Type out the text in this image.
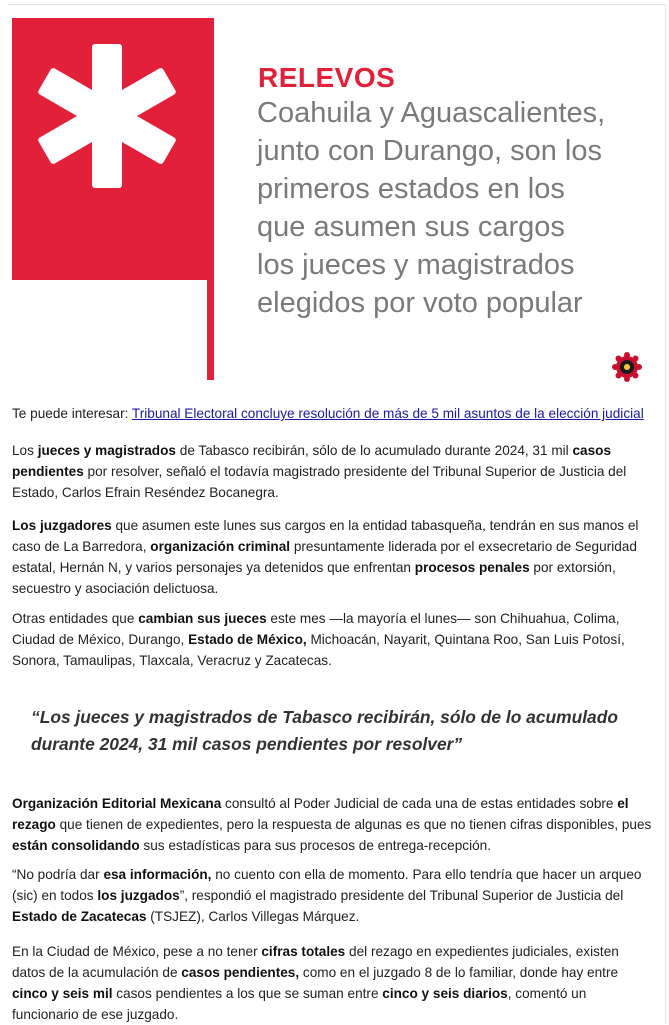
RELEVOS
Coahuila y Aguascalientes,
junto con Durango, son los
primeros estados en los
que asumen sus cargos
los jueces y magistrados
elegidos por voto popular

Te puede interesar: Tribunal Electoral concluye resolución de más de 5 mil asuntos de la elección judicial

Los jueces y magistrados de Tabasco recibirán, sólo de lo acumulado durante 2024, 31 mil casos pendientes por resolver, señaló el todavía magistrado presidente del Tribunal Superior de Justicia del Estado, Carlos Efrain Reséndez Bocanegra.

Los juzgadores que asumen este lunes sus cargos en la entidad tabasqueña, tendrán en sus manos el caso de La Barredora, organización criminal presuntamente liderada por el exsecretario de Seguridad estatal, Hernán N, y varios personajes ya detenidos que enfrentan procesos penales por extorsión, secuestro y asociación delictuosa.

Otras entidades que cambian sus jueces este mes —la mayoría el lunes— son Chihuahua, Colima, Ciudad de México, Durango, Estado de México, Michoacán, Nayarit, Quintana Roo, San Luis Potosí, Sonora, Tamaulipas, Tlaxcala, Veracruz y Zacatecas.

“Los jueces y magistrados de Tabasco recibirán, sólo de lo acumulado durante 2024, 31 mil casos pendientes por resolver”

Organización Editorial Mexicana consultó al Poder Judicial de cada una de estas entidades sobre el rezago que tienen de expedientes, pero la respuesta de algunas es que no tienen cifras disponibles, pues están consolidando sus estadísticas para sus procesos de entrega-recepción.

“No podría dar esa información, no cuento con ella de momento. Para ello tendría que hacer un arqueo (sic) en todos los juzgados”, respondió el magistrado presidente del Tribunal Superior de Justicia del Estado de Zacatecas (TSJEZ), Carlos Villegas Márquez.

En la Ciudad de México, pese a no tener cifras totales del rezago en expedientes judiciales, existen datos de la acumulación de casos pendientes, como en el juzgado 8 de lo familiar, donde hay entre cinco y seis mil casos pendientes a los que se suman entre cinco y seis diarios, comentó un funcionario de ese juzgado.
